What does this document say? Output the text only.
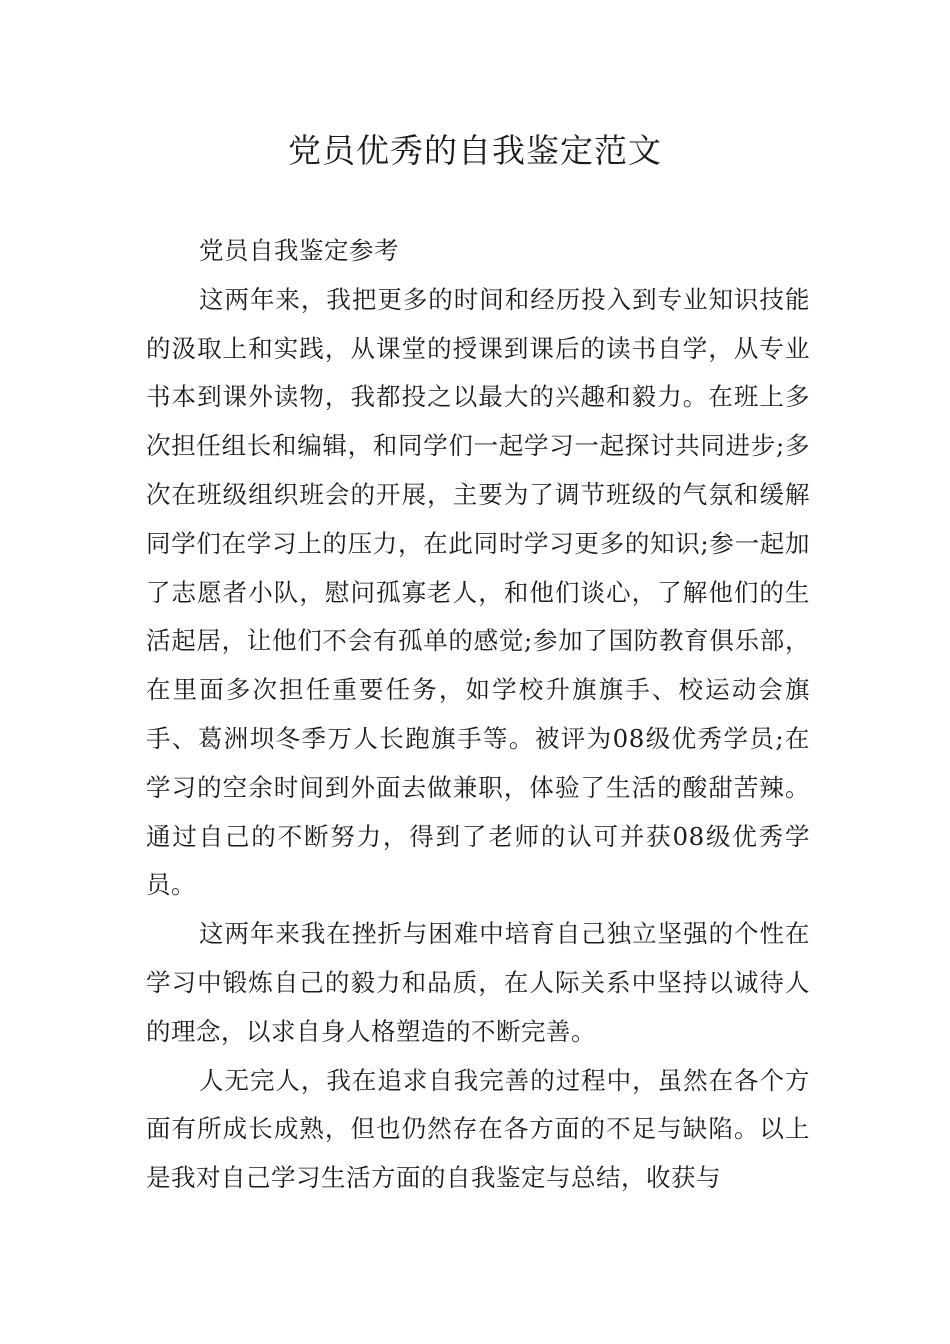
党员优秀的自我鉴定范文

党员自我鉴定参考

这两年来，我把更多的时间和经历投入到专业知识技能的汲取上和实践，从课堂的授课到课后的读书自学，从专业书本到课外读物，我都投之以最大的兴趣和毅力。在班上多次担任组长和编辑，和同学们一起学习一起探讨共同进步;多次在班级组织班会的开展，主要为了调节班级的气氛和缓解同学们在学习上的压力，在此同时学习更多的知识;参一起加了志愿者小队，慰问孤寡老人，和他们谈心，了解他们的生活起居，让他们不会有孤单的感觉;参加了国防教育俱乐部，在里面多次担任重要任务，如学校升旗旗手、校运动会旗手、葛洲坝冬季万人长跑旗手等。被评为08级优秀学员;在学习的空余时间到外面去做兼职，体验了生活的酸甜苦辣。通过自己的不断努力，得到了老师的认可并获08级优秀学员。

这两年来我在挫折与困难中培育自己独立坚强的个性在学习中锻炼自己的毅力和品质，在人际关系中坚持以诚待人的理念，以求自身人格塑造的不断完善。

人无完人，我在追求自我完善的过程中，虽然在各个方面有所成长成熟，但也仍然存在各方面的不足与缺陷。以上是我对自己学习生活方面的自我鉴定与总结，收获与
